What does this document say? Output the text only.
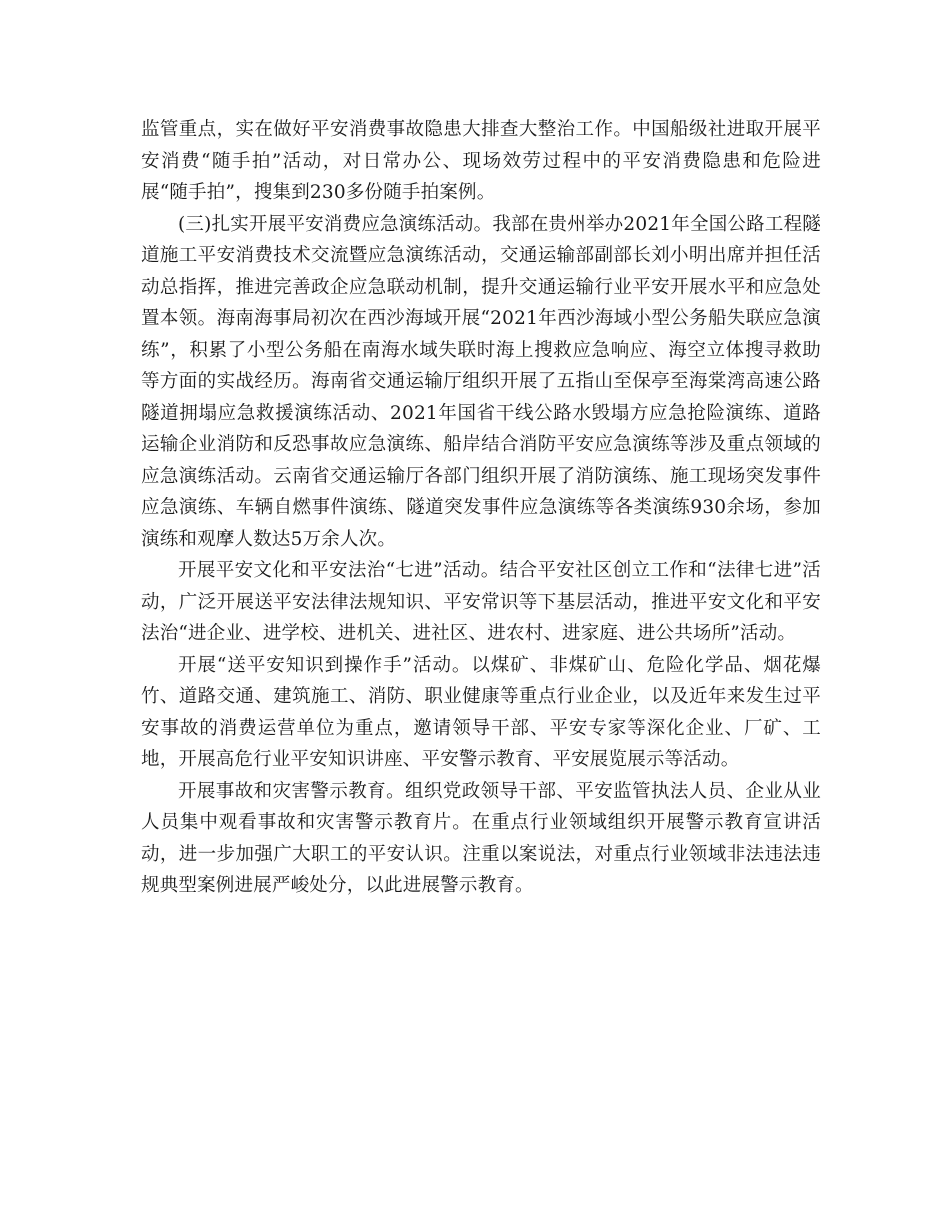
监管重点，实在做好平安消费事故隐患大排查大整治工作。中国船级社进取开展平安消费“随手拍”活动，对日常办公、现场效劳过程中的平安消费隐患和危险进展“随手拍”，搜集到230多份随手拍案例。

(三)扎实开展平安消费应急演练活动。我部在贵州举办2021年全国公路工程隧道施工平安消费技术交流暨应急演练活动，交通运输部副部长刘小明出席并担任活动总指挥，推进完善政企应急联动机制，提升交通运输行业平安开展水平和应急处置本领。海南海事局初次在西沙海域开展“2021年西沙海域小型公务船失联应急演练”，积累了小型公务船在南海水域失联时海上搜救应急响应、海空立体搜寻救助等方面的实战经历。海南省交通运输厅组织开展了五指山至保亭至海棠湾高速公路隧道拥塌应急救援演练活动、2021年国省干线公路水毁塌方应急抢险演练、道路运输企业消防和反恐事故应急演练、船岸结合消防平安应急演练等涉及重点领域的应急演练活动。云南省交通运输厅各部门组织开展了消防演练、施工现场突发事件应急演练、车辆自燃事件演练、隧道突发事件应急演练等各类演练930余场，参加演练和观摩人数达5万余人次。

开展平安文化和平安法治“七进”活动。结合平安社区创立工作和“法律七进”活动，广泛开展送平安法律法规知识、平安常识等下基层活动，推进平安文化和平安法治“进企业、进学校、进机关、进社区、进农村、进家庭、进公共场所”活动。

开展“送平安知识到操作手”活动。以煤矿、非煤矿山、危险化学品、烟花爆竹、道路交通、建筑施工、消防、职业健康等重点行业企业，以及近年来发生过平安事故的消费运营单位为重点，邀请领导干部、平安专家等深化企业、厂矿、工地，开展高危行业平安知识讲座、平安警示教育、平安展览展示等活动。

开展事故和灾害警示教育。组织党政领导干部、平安监管执法人员、企业从业人员集中观看事故和灾害警示教育片。在重点行业领域组织开展警示教育宣讲活动，进一步加强广大职工的平安认识。注重以案说法，对重点行业领域非法违法违规典型案例进展严峻处分，以此进展警示教育。
